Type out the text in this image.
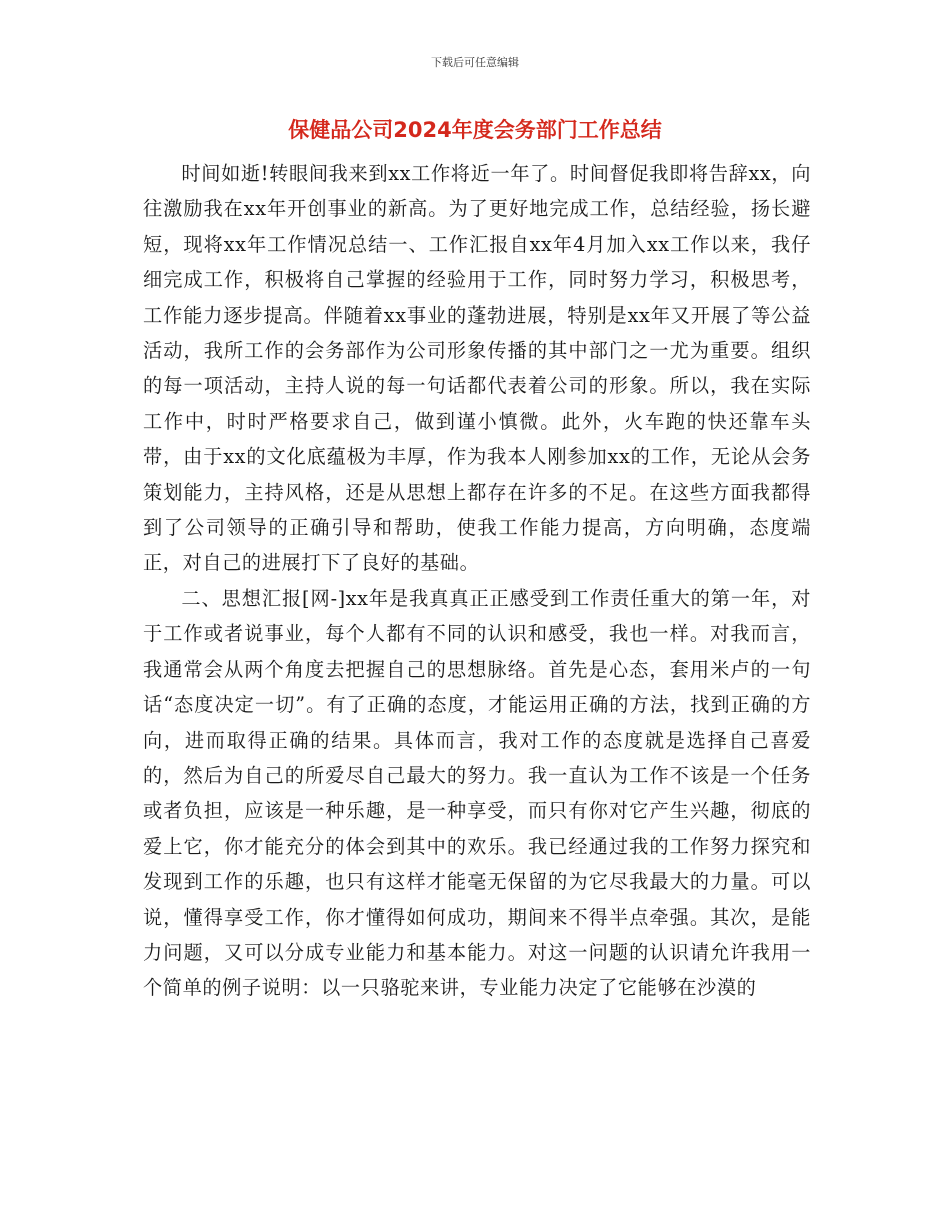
下载后可任意编辑
保健品公司2024年度会务部门工作总结

时间如逝!转眼间我来到xx工作将近一年了。时间督促我即将告辞xx，向往激励我在xx年开创事业的新高。为了更好地完成工作，总结经验，扬长避短，现将xx年工作情况总结一、工作汇报自xx年4月加入xx工作以来，我仔细完成工作，积极将自己掌握的经验用于工作，同时努力学习，积极思考，工作能力逐步提高。伴随着xx事业的蓬勃进展，特别是xx年又开展了等公益活动，我所工作的会务部作为公司形象传播的其中部门之一尤为重要。组织的每一项活动，主持人说的每一句话都代表着公司的形象。所以，我在实际工作中，时时严格要求自己，做到谨小慎微。此外，火车跑的快还靠车头带，由于xx的文化底蕴极为丰厚，作为我本人刚参加xx的工作，无论从会务策划能力，主持风格，还是从思想上都存在许多的不足。在这些方面我都得到了公司领导的正确引导和帮助，使我工作能力提高，方向明确，态度端正，对自己的进展打下了良好的基础。

二、思想汇报[网-]xx年是我真真正正感受到工作责任重大的第一年，对于工作或者说事业，每个人都有不同的认识和感受，我也一样。对我而言，我通常会从两个角度去把握自己的思想脉络。首先是心态，套用米卢的一句话“态度决定一切”。有了正确的态度，才能运用正确的方法，找到正确的方向，进而取得正确的结果。具体而言，我对工作的态度就是选择自己喜爱的，然后为自己的所爱尽自己最大的努力。我一直认为工作不该是一个任务或者负担，应该是一种乐趣，是一种享受，而只有你对它产生兴趣，彻底的爱上它，你才能充分的体会到其中的欢乐。我已经通过我的工作努力探究和发现到工作的乐趣，也只有这样才能毫无保留的为它尽我最大的力量。可以说，懂得享受工作，你才懂得如何成功，期间来不得半点牵强。其次，是能力问题，又可以分成专业能力和基本能力。对这一问题的认识请允许我用一个简单的例子说明：以一只骆驼来讲，专业能力决定了它能够在沙漠的
